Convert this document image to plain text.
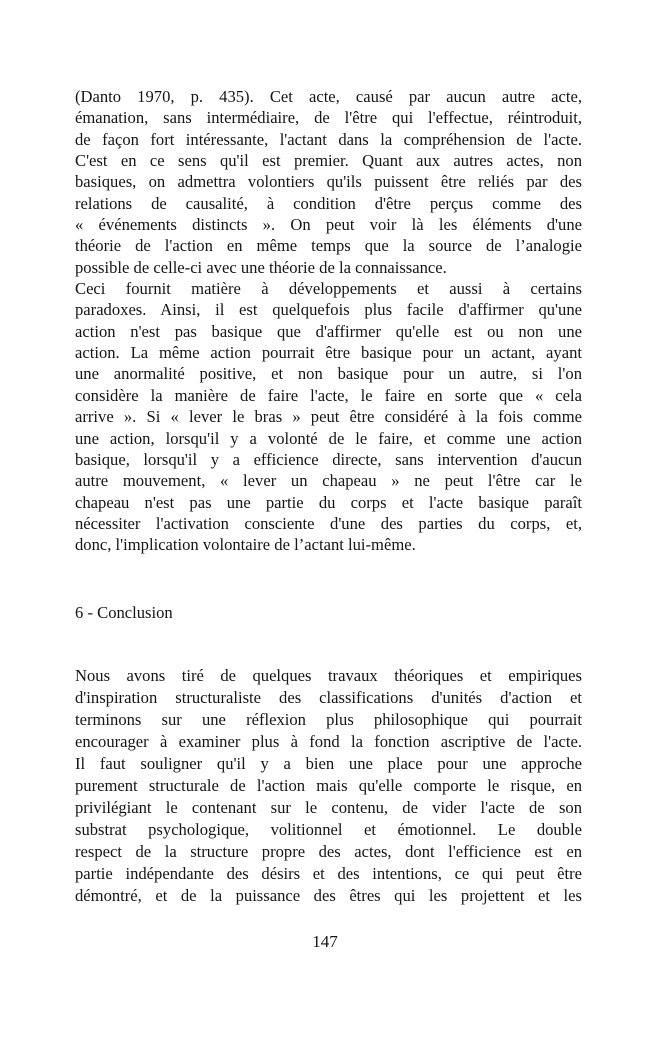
(Danto 1970, p. 435). Cet acte, causé par aucun autre acte,
émanation, sans intermédiaire, de l'être qui l'effectue, réintroduit,
de façon fort intéressante, l'actant dans la compréhension de l'acte.
C'est en ce sens qu'il est premier. Quant aux autres actes, non
basiques, on admettra volontiers qu'ils puissent être reliés par des
relations de causalité, à condition d'être perçus comme des
« événements distincts ». On peut voir là les éléments d'une
théorie de l'action en même temps que la source de l’analogie
possible de celle-ci avec une théorie de la connaissance.
Ceci fournit matière à développements et aussi à certains
paradoxes. Ainsi, il est quelquefois plus facile d'affirmer qu'une
action n'est pas basique que d'affirmer qu'elle est ou non une
action. La même action pourrait être basique pour un actant, ayant
une anormalité positive, et non basique pour un autre, si l'on
considère la manière de faire l'acte, le faire en sorte que « cela
arrive ». Si « lever le bras » peut être considéré à la fois comme
une action, lorsqu'il y a volonté de le faire, et comme une action
basique, lorsqu'il y a efficience directe, sans intervention d'aucun
autre mouvement, « lever un chapeau » ne peut l'être car le
chapeau n'est pas une partie du corps et l'acte basique paraît
nécessiter l'activation consciente d'une des parties du corps, et,
donc, l'implication volontaire de l’actant lui-même.
6 - Conclusion
Nous avons tiré de quelques travaux théoriques et empiriques
d'inspiration structuraliste des classifications d'unités d'action et
terminons sur une réflexion plus philosophique qui pourrait
encourager à examiner plus à fond la fonction ascriptive de l'acte.
Il faut souligner qu'il y a bien une place pour une approche
purement structurale de l'action mais qu'elle comporte le risque, en
privilégiant le contenant sur le contenu, de vider l'acte de son
substrat psychologique, volitionnel et émotionnel. Le double
respect de la structure propre des actes, dont l'efficience est en
partie indépendante des désirs et des intentions, ce qui peut être
démontré, et de la puissance des êtres qui les projettent et les
147
